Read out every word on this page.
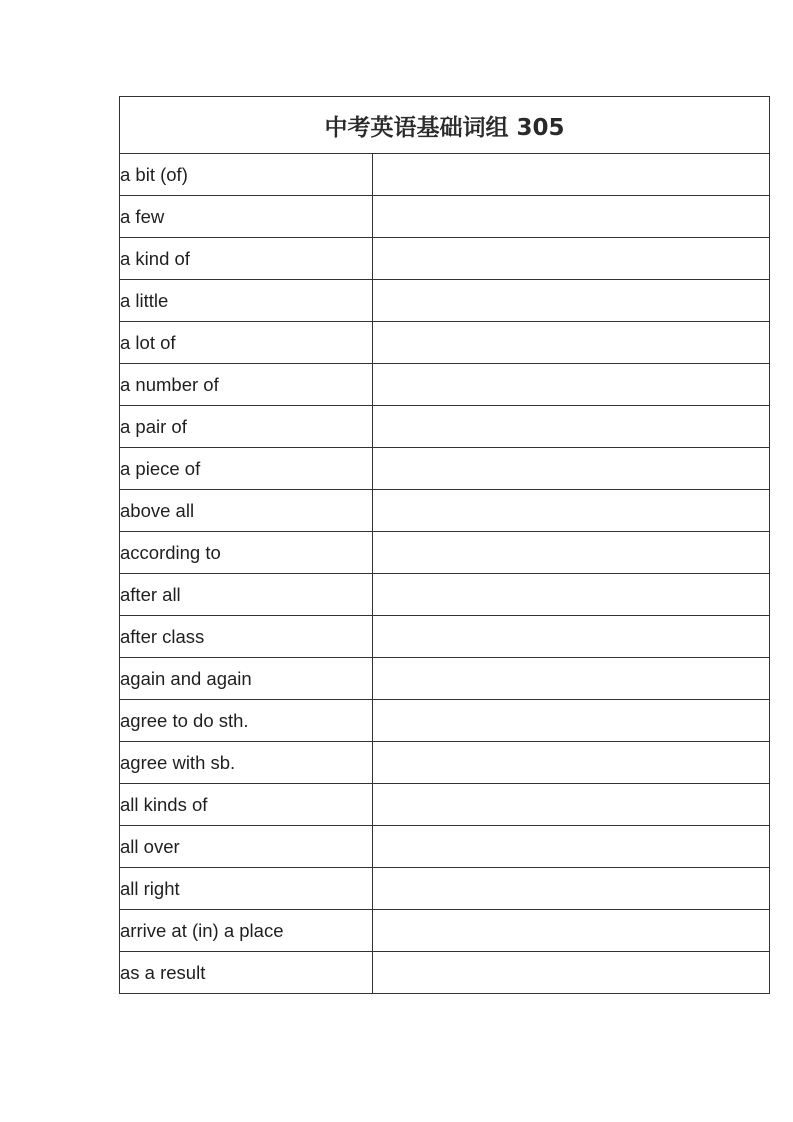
中考英语基础词组 305	
a bit (of)	
a few	
a kind of	
a little	
a lot of	
a number of	
a pair of	
a piece of	
above all	
according to	
after all	
after class	
again and again	
agree to do sth.	
agree with sb.	
all kinds of	
all over	
all right	
arrive at (in) a place	
as a result	
